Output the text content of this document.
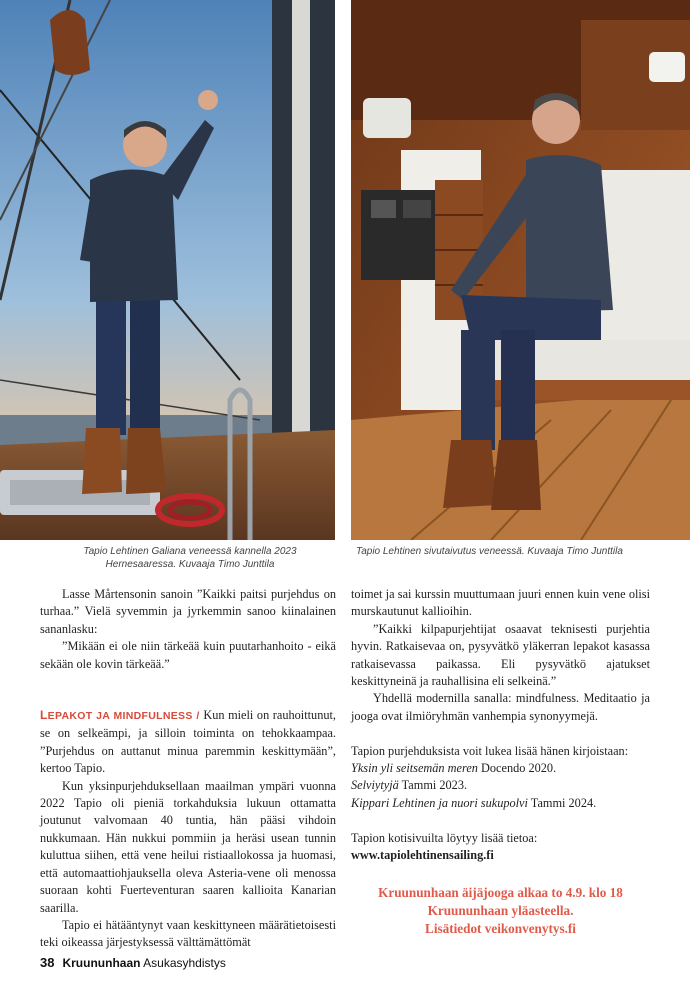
Tapio Lehtinen Galiana veneessä kannella 2023
Hernesaaressa. Kuvaaja Timo Junttila
Tapio Lehtinen sivutaivutus veneessä. Kuvaaja Timo Junttila

Lasse Mårtensonin sanoin ”Kaikki paitsi purjehdus on turhaa.” Vielä syvemmin ja jyrkemmin sanoo kiinalainen sananlasku:

”Mikään ei ole niin tärkeää kuin puutarhanhoito - eikä sekään ole kovin tärkeää.”

LEPAKOT JA MINDFULNESS / Kun mieli on rauhoittunut, se on selkeämpi, ja silloin toiminta on tehokkaampaa. ”Purjehdus on auttanut minua paremmin keskittymään”, kertoo Tapio.

Kun yksinpurjehduksellaan maailman ympäri vuonna 2022 Tapio oli pieniä torkahduksia lukuun ottamatta joutunut valvomaan 40 tuntia, hän pääsi vihdoin nukkumaan. Hän nukkui pommiin ja heräsi usean tunnin kuluttua siihen, että vene heilui ristiaallokossa ja huomasi, että automaattiohjauksella oleva Asteria-vene oli menossa suoraan kohti Fuerteventuran saaren kallioita Kanarian saarilla.

Tapio ei hätääntynyt vaan keskittyneen määrätietoisesti teki oikeassa järjestyksessä välttämättömät

toimet ja sai kurssin muuttumaan juuri ennen kuin vene olisi murskautunut kallioihin.

”Kaikki kilpapurjehtijat osaavat teknisesti purjehtia hyvin. Ratkaisevaa on, pysyvätkö yläkerran lepakot kasassa ratkaisevassa paikassa. Eli pysyvätkö ajatukset keskittyneinä ja rauhallisina eli selkeinä.”

Yhdellä modernilla sanalla: mindfulness. Meditaatio ja jooga ovat ilmiöryhmän vanhempia synonyymejä.

Tapion purjehduksista voit lukea lisää hänen kirjoistaan:

Yksin yli seitsemän meren Docendo 2020.

Selviytyjä Tammi 2023.

Kippari Lehtinen ja nuori sukupolvi Tammi 2024.

Tapion kotisivuilta löytyy lisää tietoa:

www.tapiolehtinensailing.fi

Kruununhaan äijäjooga alkaa to 4.9. klo 18

Kruununhaan yläasteella.

Lisätiedot veikonvenytys.fi

38 Kruununhaan Asukasyhdistys
